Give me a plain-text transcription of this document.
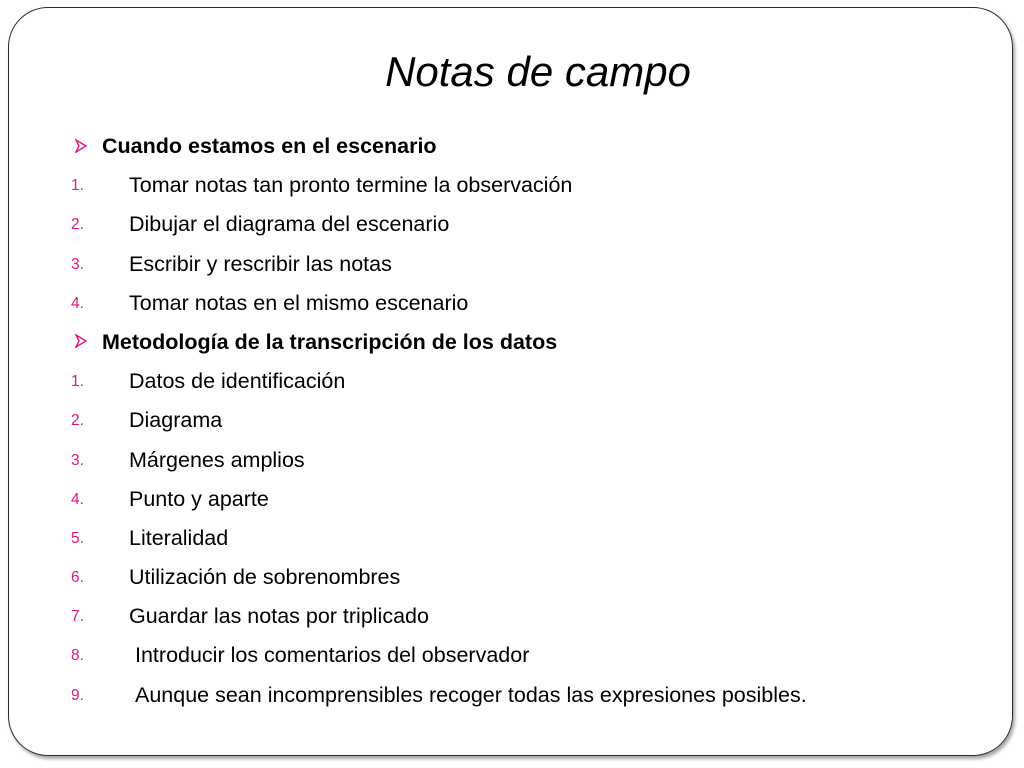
Notas de campo
Cuando estamos en el escenario
1. Tomar notas tan pronto termine la observación
2. Dibujar el diagrama del escenario
3. Escribir y rescribir las notas
4. Tomar notas en el mismo escenario
Metodología de la transcripción de los datos
1. Datos de identificación
2. Diagrama
3. Márgenes amplios
4. Punto y aparte
5. Literalidad
6. Utilización de sobrenombres
7. Guardar las notas por triplicado
8. Introducir los comentarios del observador
9. Aunque sean incomprensibles recoger todas las expresiones posibles.
